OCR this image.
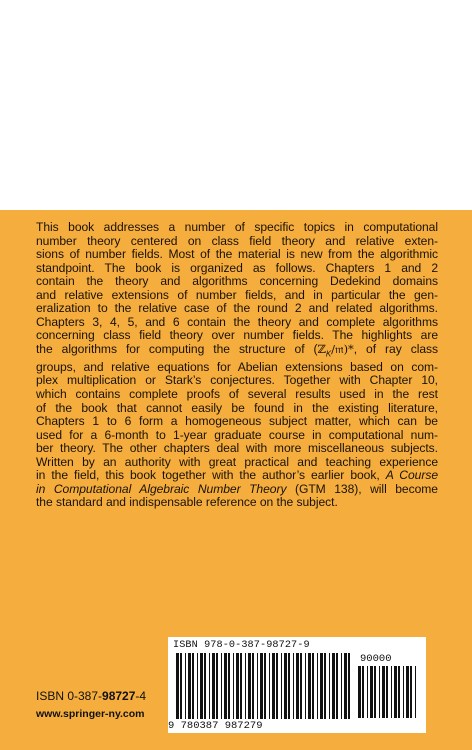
This book addresses a number of specific topics in computational
number theory centered on class field theory and relative exten-
sions of number fields. Most of the material is new from the algorithmic
standpoint. The book is organized as follows. Chapters 1 and 2
contain the theory and algorithms concerning Dedekind domains
and relative extensions of number fields, and in particular the gen-
eralization to the relative case of the round 2 and related algorithms.
Chapters 3, 4, 5, and 6 contain the theory and complete algorithms
concerning class field theory over number fields. The highlights are
the algorithms for computing the structure of (ℤ$_K$/𝔪)*, of ray class
groups, and relative equations for Abelian extensions based on com-
plex multiplication or Stark’s conjectures. Together with Chapter 10,
which contains complete proofs of several results used in the rest
of the book that cannot easily be found in the existing literature,
Chapters 1 to 6 form a homogeneous subject matter, which can be
used for a 6-month to 1-year graduate course in computational num-
ber theory. The other chapters deal with more miscellaneous subjects.
Written by an authority with great practical and teaching experience
in the field, this book together with the author’s earlier book, A Course
in Computational Algebraic Number Theory (GTM 138), will become
the standard and indispensable reference on the subject.
ISBN 978-0-387-98727-9
90000
9 780387 987279
ISBN 0-387-98727-4
www.springer-ny.com
